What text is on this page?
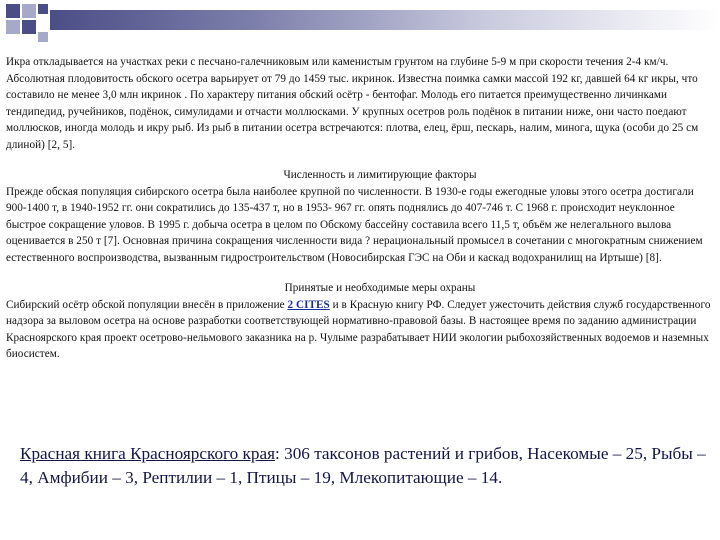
Икра откладывается на участках реки с песчано-галечниковым или каменистым грунтом на глубине 5-9 м при скорости течения 2-4 км/ч. Абсолютная плодовитость обского осетра варьирует от 79 до 1459 тыс. икринок. Известна поимка самки массой 192 кг, давшей 64 кг икры, что составило не менее 3,0 млн икринок . По характеру питания обский осётр - бентофаг. Молодь его питается преимущественно личинками тендипедид, ручейников, подёнок, симулидами и отчасти моллюсками. У крупных осетров роль подёнок в питании ниже, они часто поедают моллюсков, иногда молодь и икру рыб. Из рыб в питании осетра встречаются: плотва, елец, ёрш, пескарь, налим, минога, щука (особи до 25 см длиной) [2, 5].

Численность и лимитирующие факторы

Прежде обская популяция сибирского осетра была наиболее крупной по численности. В 1930-е годы ежегодные уловы этого осетра достигали 900-1400 т, в 1940-1952 гг. они сократились до 135-437 т, но в 1953- 967 гг. опять поднялись до 407-746 т. С 1968 г. происходит неуклонное быстрое сокращение уловов. В 1995 г. добыча осетра в целом по Обскому бассейну составила всего 11,5 т, объём же нелегального вылова оценивается в 250 т [7]. Основная причина сокращения численности вида ? нерациональный промысел в сочетании с многократным снижением естественного воспроизводства, вызванным гидростроительством (Новосибирская ГЭС на Оби и каскад водохранилищ на Иртыше) [8].

Принятые и необходимые меры охраны

Сибирский осётр обской популяции внесён в приложение 2 CITES и в Красную книгу РФ. Следует ужесточить действия служб государственного надзора за выловом осетра на основе разработки соответствующей нормативно-правовой базы. В настоящее время по заданию администрации Красноярского края проект осетрово-нельмового заказника на р. Чулыме разрабатывает НИИ экологии рыбохозяйственных водоемов и наземных биосистем.

Красная книга Красноярского края: 306 таксонов растений и грибов, Насекомые – 25, Рыбы – 4, Амфибии – 3, Рептилии – 1, Птицы – 19, Млекопитающие – 14.
